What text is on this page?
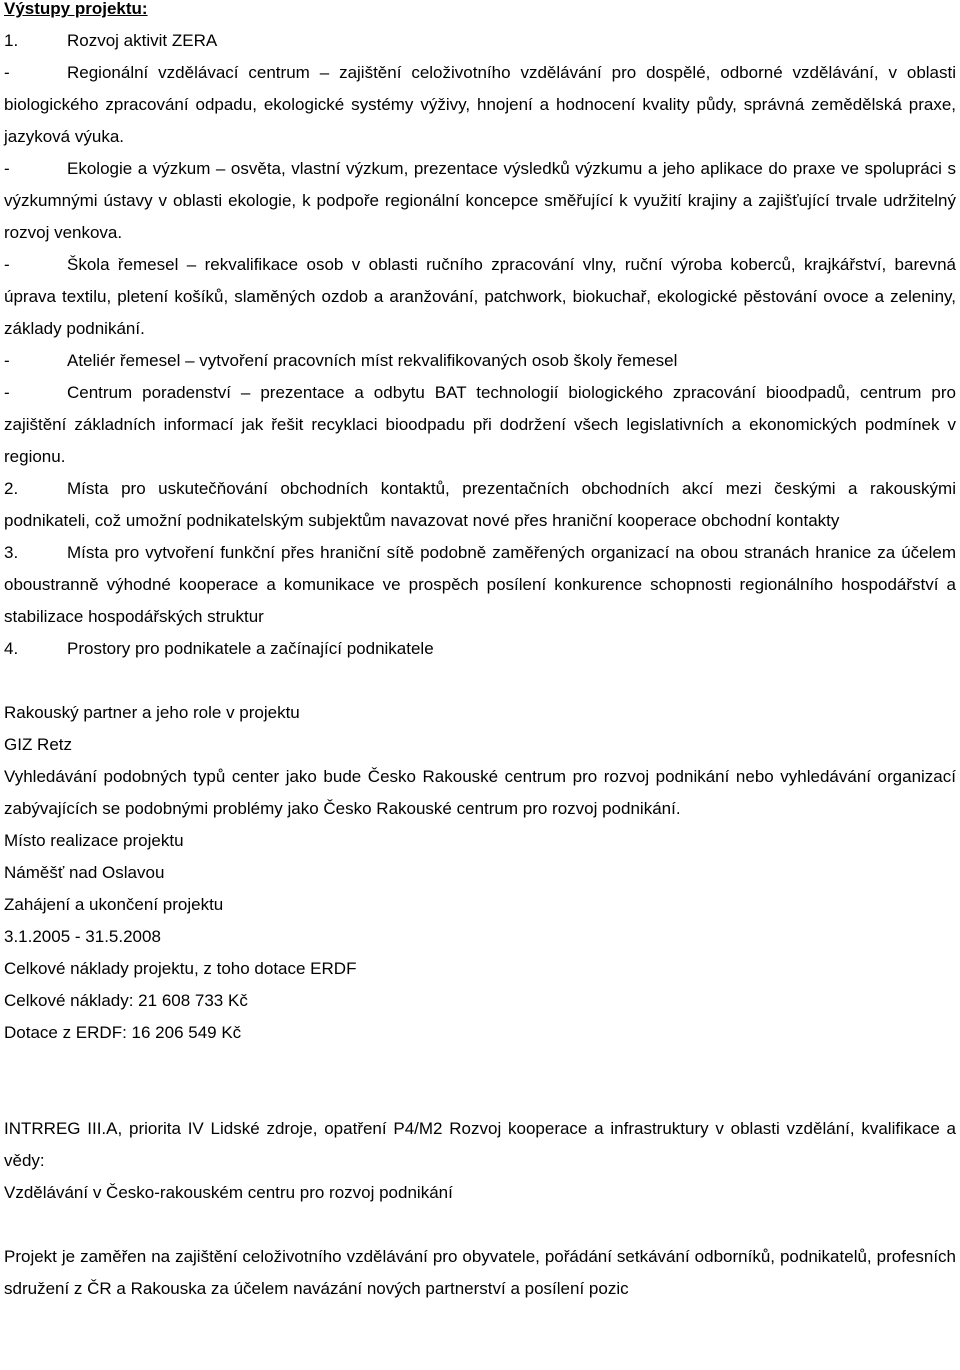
Výstupy projektu:

1.	Rozvoj aktivit ZERA

-	Regionální vzdělávací centrum – zajištění celoživotního vzdělávání pro dospělé, odborné vzdělávání, v oblasti biologického zpracování odpadu, ekologické systémy výživy, hnojení a hodnocení kvality půdy, správná zemědělská praxe, jazyková výuka.

-	Ekologie a výzkum – osvěta, vlastní výzkum, prezentace výsledků výzkumu a jeho aplikace do praxe ve spolupráci s výzkumnými ústavy v oblasti ekologie, k podpoře regionální koncepce směřující k využití krajiny a zajišťující trvale udržitelný rozvoj venkova.

-	Škola řemesel – rekvalifikace osob v oblasti ručního zpracování vlny, ruční výroba koberců, krajkářství, barevná úprava textilu, pletení košíků, slaměných ozdob a aranžování, patchwork, biokuchař, ekologické pěstování ovoce a zeleniny, základy podnikání.

-	Ateliér řemesel – vytvoření pracovních míst rekvalifikovaných osob školy řemesel

-	Centrum poradenství – prezentace a odbytu BAT technologií biologického zpracování bioodpadů, centrum pro zajištění základních informací jak řešit recyklaci bioodpadu při dodržení všech legislativních a ekonomických podmínek v regionu.

2.	Místa pro uskutečňování obchodních kontaktů, prezentačních obchodních akcí mezi českými a rakouskými podnikateli, což umožní podnikatelským subjektům navazovat nové přes hraniční kooperace obchodní kontakty

3.	Místa pro vytvoření funkční přes hraniční sítě podobně zaměřených organizací na obou stranách hranice za účelem oboustranně výhodné kooperace a komunikace ve prospěch posílení konkurence schopnosti regionálního hospodářství a stabilizace hospodářských struktur

4.	Prostory pro podnikatele a začínající podnikatele

Rakouský partner a jeho role v projektu

GIZ Retz

Vyhledávání podobných typů center jako bude Česko Rakouské centrum pro rozvoj podnikání nebo vyhledávání organizací zabývajících se podobnými problémy jako Česko Rakouské centrum pro rozvoj podnikání.

Místo realizace projektu

Náměšť nad Oslavou

Zahájení a ukončení projektu

3.1.2005 - 31.5.2008

Celkové náklady projektu, z toho dotace ERDF

Celkové náklady: 21 608 733 Kč

Dotace z ERDF: 16 206 549 Kč

INTRREG III.A, priorita IV Lidské zdroje, opatření P4/M2 Rozvoj kooperace a infrastruktury v oblasti vzdělání, kvalifikace a vědy:

Vzdělávání v Česko-rakouském centru pro rozvoj podnikání

Projekt je zaměřen na zajištění celoživotního vzdělávání pro obyvatele, pořádání setkávání odborníků, podnikatelů, profesních sdružení z ČR a Rakouska za účelem navázání nových partnerství a posílení pozic
